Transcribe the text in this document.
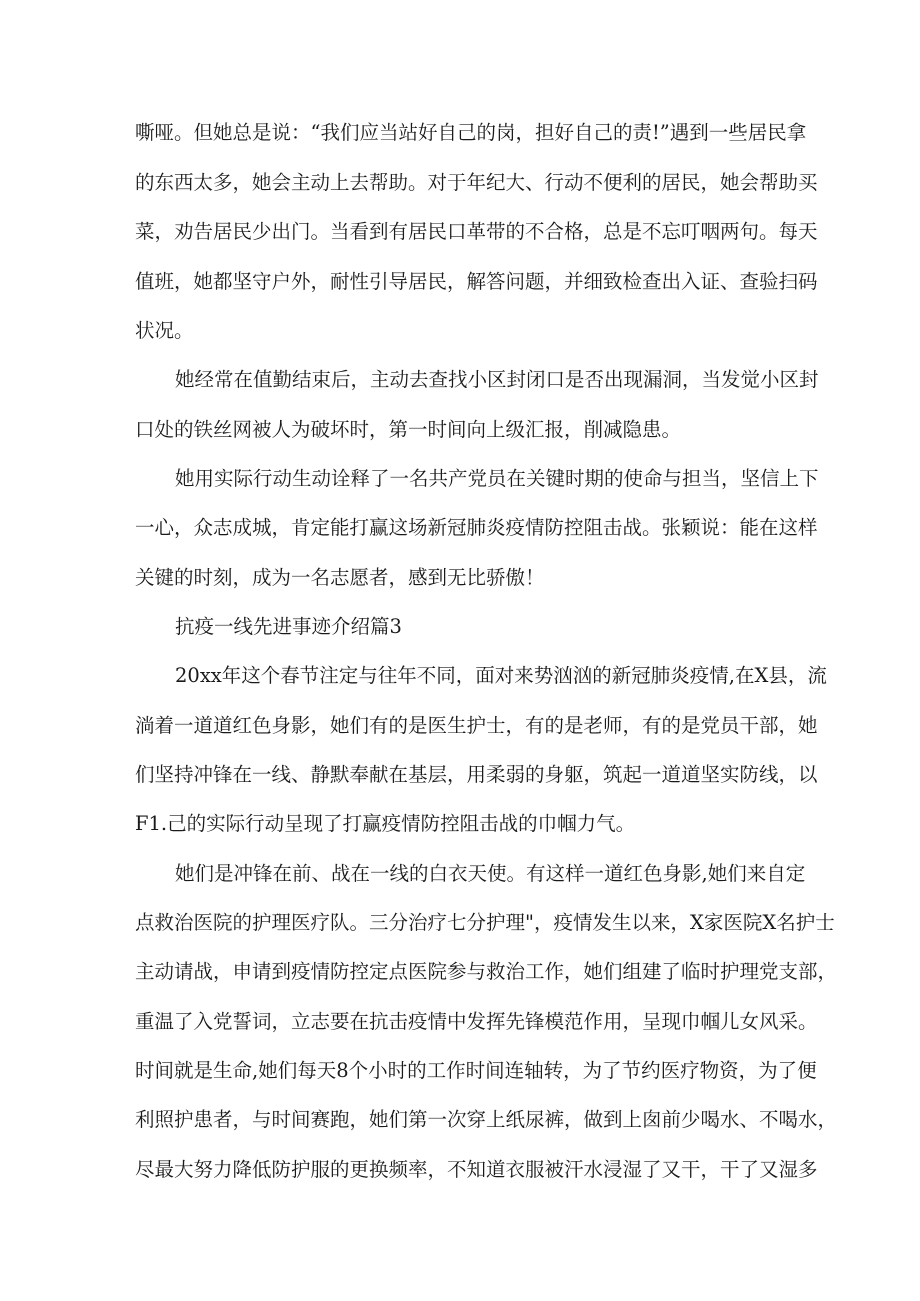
嘶哑。但她总是说：“我们应当站好自己的岗，担好自己的责!”遇到一些居民拿
的东西太多，她会主动上去帮助。对于年纪大、行动不便利的居民，她会帮助买
菜，劝告居民少出门。当看到有居民口革带的不合格，总是不忘叮咽两句。每天
值班，她都坚守户外，耐性引导居民，解答问题，并细致检查出入证、查验扫码
状况。
她经常在值勤结束后，主动去查找小区封闭口是否出现漏洞，当发觉小区封
口处的铁丝网被人为破坏时，第一时间向上级汇报，削减隐患。
她用实际行动生动诠释了一名共产党员在关键时期的使命与担当，坚信上下
一心，众志成城，肯定能打赢这场新冠肺炎疫情防控阻击战。张颖说：能在这样
关键的时刻，成为一名志愿者，感到无比骄傲！
抗疫一线先进事迹介绍篇3
20xx年这个春节注定与往年不同，面对来势汹汹的新冠肺炎疫情,在X县，流
淌着一道道红色身影，她们有的是医生护士，有的是老师，有的是党员干部，她
们坚持冲锋在一线、静默奉献在基层，用柔弱的身躯，筑起一道道坚实防线，以
F1.己的实际行动呈现了打赢疫情防控阻击战的巾帼力气。
她们是冲锋在前、战在一线的白衣天使。有这样一道红色身影,她们来自定
点救治医院的护理医疗队。三分治疗七分护理"，疫情发生以来，X家医院X名护士
主动请战，申请到疫情防控定点医院参与救治工作，她们组建了临时护理党支部，
重温了入党誓词，立志要在抗击疫情中发挥先锋模范作用，呈现巾帼儿女风采。
时间就是生命,她们每天8个小时的工作时间连轴转，为了节约医疗物资，为了便
利照护患者，与时间赛跑，她们第一次穿上纸尿裤，做到上囱前少喝水、不喝水，
尽最大努力降低防护服的更换频率，不知道衣服被汗水浸湿了又干，干了又湿多
